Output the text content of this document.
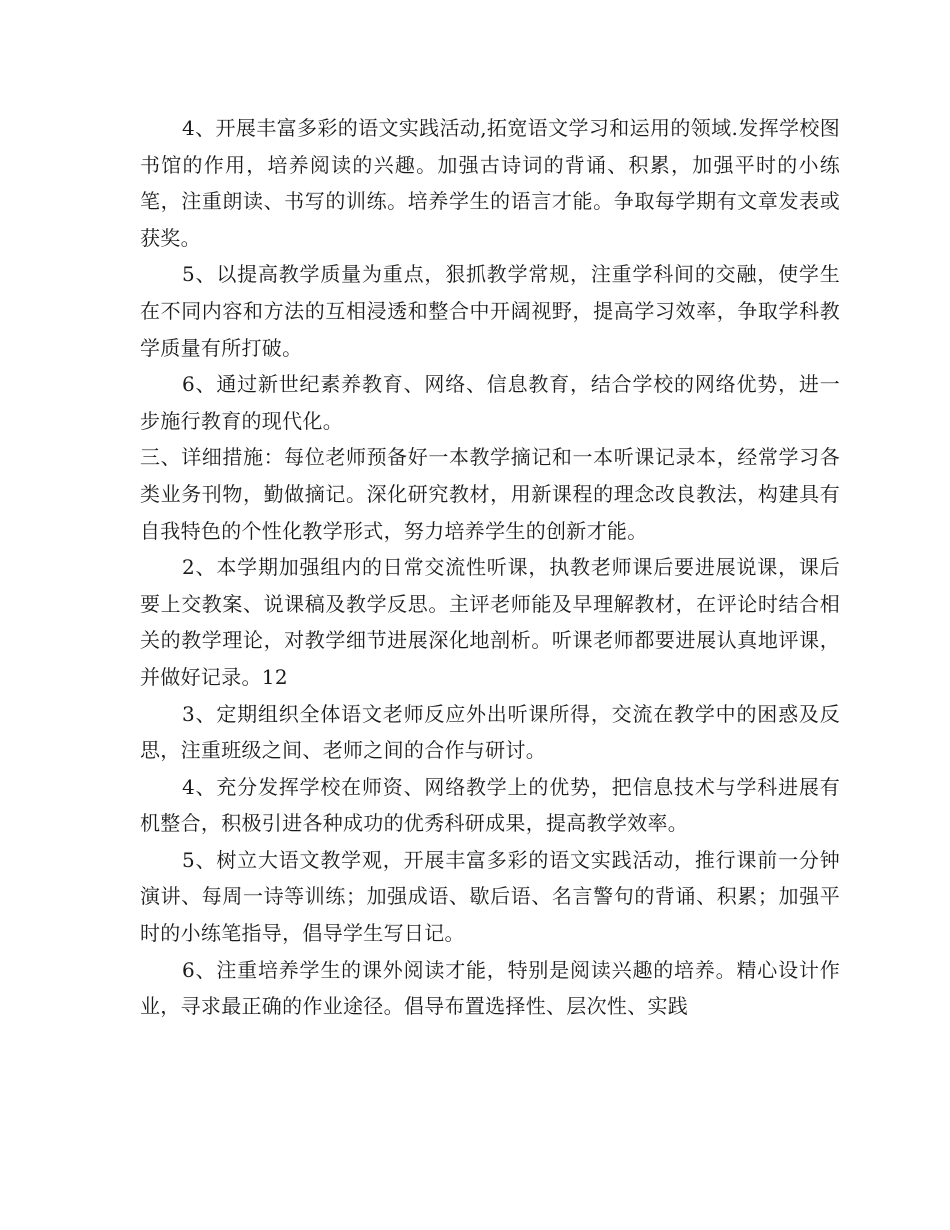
4、开展丰富多彩的语文实践活动,拓宽语文学习和运用的领域.发挥学校图书馆的作用，培养阅读的兴趣。加强古诗词的背诵、积累，加强平时的小练笔，注重朗读、书写的训练。培养学生的语言才能。争取每学期有文章发表或获奖。

5、以提高教学质量为重点，狠抓教学常规，注重学科间的交融，使学生在不同内容和方法的互相浸透和整合中开阔视野，提高学习效率，争取学科教学质量有所打破。

6、通过新世纪素养教育、网络、信息教育，结合学校的网络优势，进一步施行教育的现代化。

三、详细措施：每位老师预备好一本教学摘记和一本听课记录本，经常学习各类业务刊物，勤做摘记。深化研究教材，用新课程的理念改良教法，构建具有自我特色的个性化教学形式，努力培养学生的创新才能。

2、本学期加强组内的日常交流性听课，执教老师课后要进展说课，课后要上交教案、说课稿及教学反思。主评老师能及早理解教材，在评论时结合相关的教学理论，对教学细节进展深化地剖析。听课老师都要进展认真地评课，并做好记录。12

3、定期组织全体语文老师反应外出听课所得，交流在教学中的困惑及反思，注重班级之间、老师之间的合作与研讨。

4、充分发挥学校在师资、网络教学上的优势，把信息技术与学科进展有机整合，积极引进各种成功的优秀科研成果，提高教学效率。

5、树立大语文教学观，开展丰富多彩的语文实践活动，推行课前一分钟演讲、每周一诗等训练；加强成语、歇后语、名言警句的背诵、积累；加强平时的小练笔指导，倡导学生写日记。

6、注重培养学生的课外阅读才能，特别是阅读兴趣的培养。精心设计作业，寻求最正确的作业途径。倡导布置选择性、层次性、实践
